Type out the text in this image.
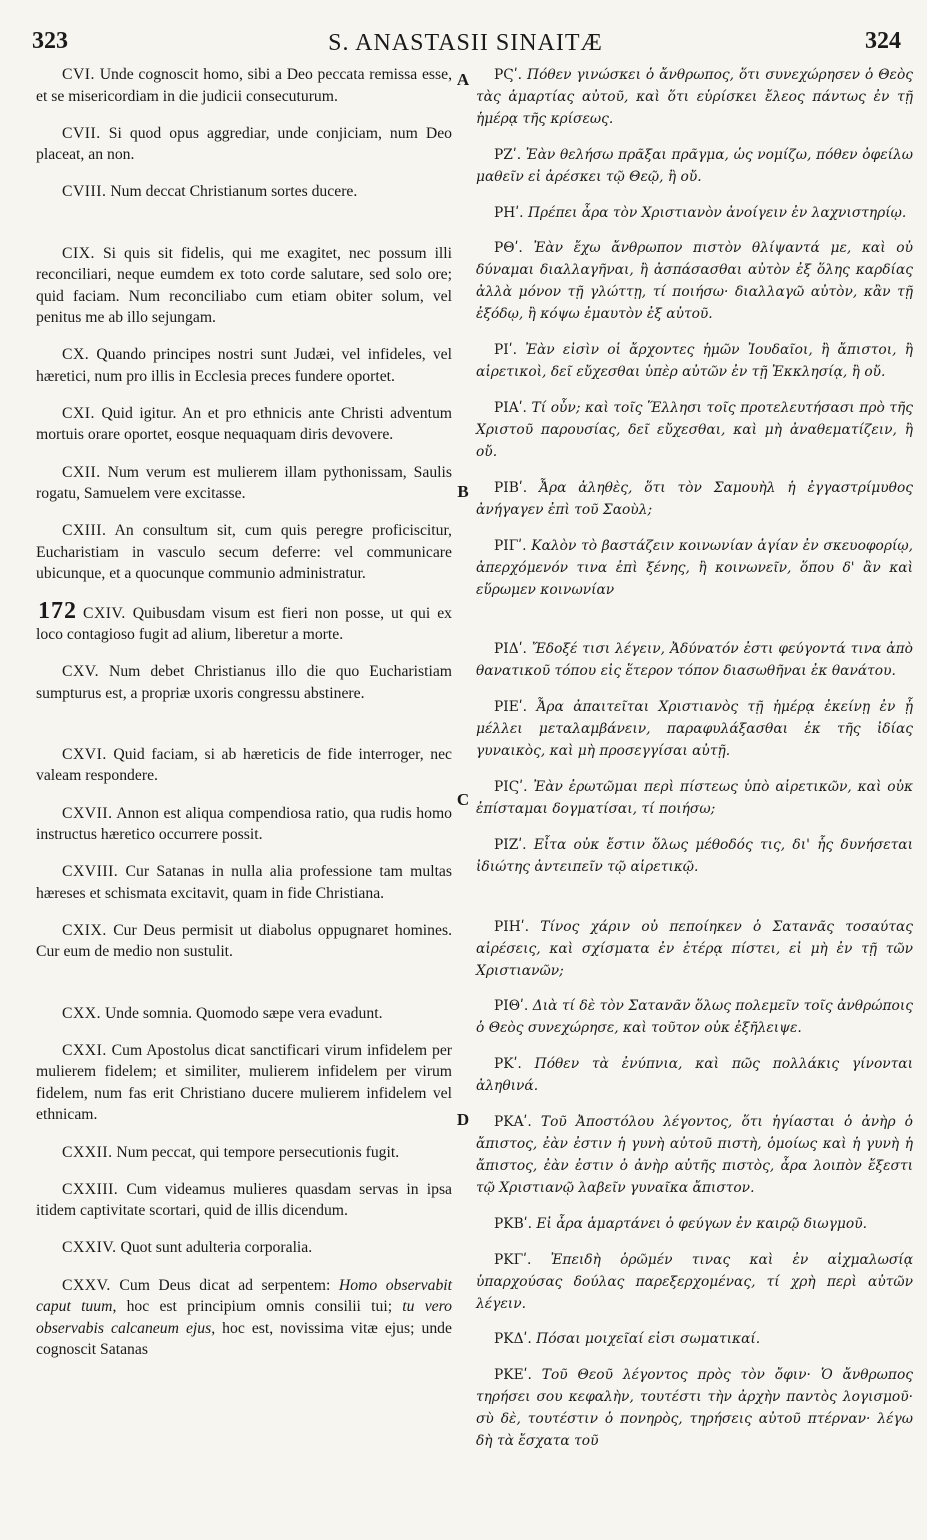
323	S. ANASTASII SINAITÆ	324

CVI. Unde cognoscit homo, sibi a Deo peccata remissa esse, et se misericordiam in die judicii consecuturum.

CVII. Si quod opus aggrediar, unde conjiciam, num Deo placeat, an non.

CVIII. Num deccat Christianum sortes ducere.

CIX. Si quis sit fidelis, qui me exagitet, nec possum illi reconciliari, neque eumdem ex toto corde salutare, sed solo ore; quid faciam. Num reconciliabo cum etiam obiter solum, vel penitus me ab illo sejungam.

CX. Quando principes nostri sunt Judæi, vel infideles, vel hæretici, num pro illis in Ecclesia preces fundere oportet.

CXI. Quid igitur. An et pro ethnicis ante Christi adventum mortuis orare oportet, eosque nequaquam diris devovere.

CXII. Num verum est mulierem illam pythonissam, Saulis rogatu, Samuelem vere excitasse.

CXIII. An consultum sit, cum quis peregre proficiscitur, Eucharistiam in vasculo secum deferre: vel communicare ubicunque, et a quocunque communio administratur.

172 CXIV. Quibusdam visum est fieri non posse, ut qui ex loco contagioso fugit ad alium, liberetur a morte.

CXV. Num debet Christianus illo die quo Eucharistiam sumpturus est, a propriæ uxoris congressu abstinere.

CXVI. Quid faciam, si ab hæreticis de fide interroger, nec valeam respondere.

CXVII. Annon est aliqua compendiosa ratio, qua rudis homo instructus hæretico occurrere possit.

CXVIII. Cur Satanas in nulla alia professione tam multas hæreses et schismata excitavit, quam in fide Christiana.

CXIX. Cur Deus permisit ut diabolus oppugnaret homines. Cur eum de medio non sustulit.

CXX. Unde somnia. Quomodo sæpe vera evadunt.

CXXI. Cum Apostolus dicat sanctificari virum infidelem per mulierem fidelem; et similiter, mulierem infidelem per virum fidelem, num fas erit Christiano ducere mulierem infidelem vel ethnicam.

CXXII. Num peccat, qui tempore persecutionis fugit.

CXXIII. Cum videamus mulieres quasdam servas in ipsa itidem captivitate scortari, quid de illis dicendum.

CXXIV. Quot sunt adulteria corporalia.

CXXV. Cum Deus dicat ad serpentem: Homo observabit caput tuum, hoc est principium omnis consilii tui; tu vero observabis calcaneum ejus, hoc est, novissima vitæ ejus; unde cognoscit Satanas

A
B
C
D

ΡϚʹ. Πόθεν γινώσκει ὁ ἄνθρωπος, ὅτι συνεχώρησεν ὁ Θεὸς τὰς ἁμαρτίας αὐτοῦ, καὶ ὅτι εὑρίσκει ἔλεος πάντως ἐν τῇ ἡμέρᾳ τῆς κρίσεως.

ΡΖʹ. Ἐὰν θελήσω πρᾶξαι πρᾶγμα, ὡς νομίζω, πόθεν ὀφείλω μαθεῖν εἰ ἀρέσκει τῷ Θεῷ, ἢ οὔ.

ΡΗʹ. Πρέπει ἆρα τὸν Χριστιανὸν ἀνοίγειν ἐν λαχνιστηρίῳ.

ΡΘʹ. Ἐὰν ἔχω ἄνθρωπον πιστὸν θλίψαντά με, καὶ οὐ δύναμαι διαλλαγῆναι, ἢ ἀσπάσασθαι αὐτὸν ἐξ ὅλης καρδίας ἀλλὰ μόνον τῇ γλώττῃ, τί ποιήσω· διαλλαγῶ αὐτὸν, κἂν τῇ ἐξόδῳ, ἢ κόψω ἐμαυτὸν ἐξ αὐτοῦ.

ΡΙʹ. Ἐὰν εἰσὶν οἱ ἄρχοντες ἡμῶν Ἰουδαῖοι, ἢ ἄπιστοι, ἢ αἱρετικοὶ, δεῖ εὔχεσθαι ὑπὲρ αὐτῶν ἐν τῇ Ἐκκλησίᾳ, ἢ οὔ.

ΡΙΑʹ. Τί οὖν; καὶ τοῖς Ἕλλησι τοῖς προτελευτήσασι πρὸ τῆς Χριστοῦ παρουσίας, δεῖ εὔχεσθαι, καὶ μὴ ἀναθεματίζειν, ἢ οὔ.

ΡΙΒʹ. Ἆρα ἀληθὲς, ὅτι τὸν Σαμουὴλ ἡ ἐγγαστρίμυθος ἀνήγαγεν ἐπὶ τοῦ Σαοὺλ;

ΡΙΓʹ. Καλὸν τὸ βαστάζειν κοινωνίαν ἁγίαν ἐν σκευοφορίῳ, ἀπερχόμενόν τινα ἐπὶ ξένης, ἢ κοινωνεῖν, ὅπου δ' ἂν καὶ εὕρωμεν κοινωνίαν

ΡΙΔʹ. Ἔδοξέ τισι λέγειν, Ἀδύνατόν ἐστι φεύγοντά τινα ἀπὸ θανατικοῦ τόπου εἰς ἕτερον τόπον διασωθῆναι ἐκ θανάτου.

ΡΙΕʹ. Ἆρα ἀπαιτεῖται Χριστιανὸς τῇ ἡμέρᾳ ἐκείνῃ ἐν ᾗ μέλλει μεταλαμβάνειν, παραφυλάξασθαι ἐκ τῆς ἰδίας γυναικὸς, καὶ μὴ προσεγγίσαι αὐτῇ.

ΡΙϚʹ. Ἐὰν ἐρωτῶμαι περὶ πίστεως ὑπὸ αἱρετικῶν, καὶ οὐκ ἐπίσταμαι δογματίσαι, τί ποιήσω;

ΡΙΖʹ. Εἶτα οὐκ ἔστιν ὅλως μέθοδός τις, δι' ἧς δυνήσεται ἰδιώτης ἀντειπεῖν τῷ αἱρετικῷ.

ΡΙΗʹ. Τίνος χάριν οὐ πεποίηκεν ὁ Σατανᾶς τοσαύτας αἱρέσεις, καὶ σχίσματα ἐν ἑτέρᾳ πίστει, εἰ μὴ ἐν τῇ τῶν Χριστιανῶν;

ΡΙΘʹ. Διὰ τί δὲ τὸν Σατανᾶν ὅλως πολεμεῖν τοῖς ἀνθρώποις ὁ Θεὸς συνεχώρησε, καὶ τοῦτον οὐκ ἐξῆλειψε.

ΡΚʹ. Πόθεν τὰ ἐνύπνια, καὶ πῶς πολλάκις γίνονται ἀληθινά.

ΡΚΑʹ. Τοῦ Ἀποστόλου λέγοντος, ὅτι ἡγίασται ὁ ἀνὴρ ὁ ἄπιστος, ἐὰν ἐστιν ἡ γυνὴ αὐτοῦ πιστὴ, ὁμοίως καὶ ἡ γυνὴ ἡ ἄπιστος, ἐὰν ἐστιν ὁ ἀνὴρ αὐτῆς πιστὸς, ἆρα λοιπὸν ἔξεστι τῷ Χριστιανῷ λαβεῖν γυναῖκα ἄπιστον.

ΡΚΒʹ. Εἰ ἆρα ἁμαρτάνει ὁ φεύγων ἐν καιρῷ διωγμοῦ.

ΡΚΓʹ. Ἐπειδὴ ὁρῶμέν τινας καὶ ἐν αἰχμαλωσίᾳ ὑπαρχούσας δούλας παρεξερχομένας, τί χρὴ περὶ αὐτῶν λέγειν.

ΡΚΔʹ. Πόσαι μοιχεῖαί εἰσι σωματικαί.

ΡΚΕʹ. Τοῦ Θεοῦ λέγοντος πρὸς τὸν ὄφιν· Ὁ ἄνθρωπος τηρήσει σου κεφαλὴν, τουτέστι τὴν ἀρχὴν παντὸς λογισμοῦ· σὺ δὲ, τουτέστιν ὁ πονηρὸς, τηρήσεις αὐτοῦ πτέρναν· λέγω δὴ τὰ ἔσχατα τοῦ
